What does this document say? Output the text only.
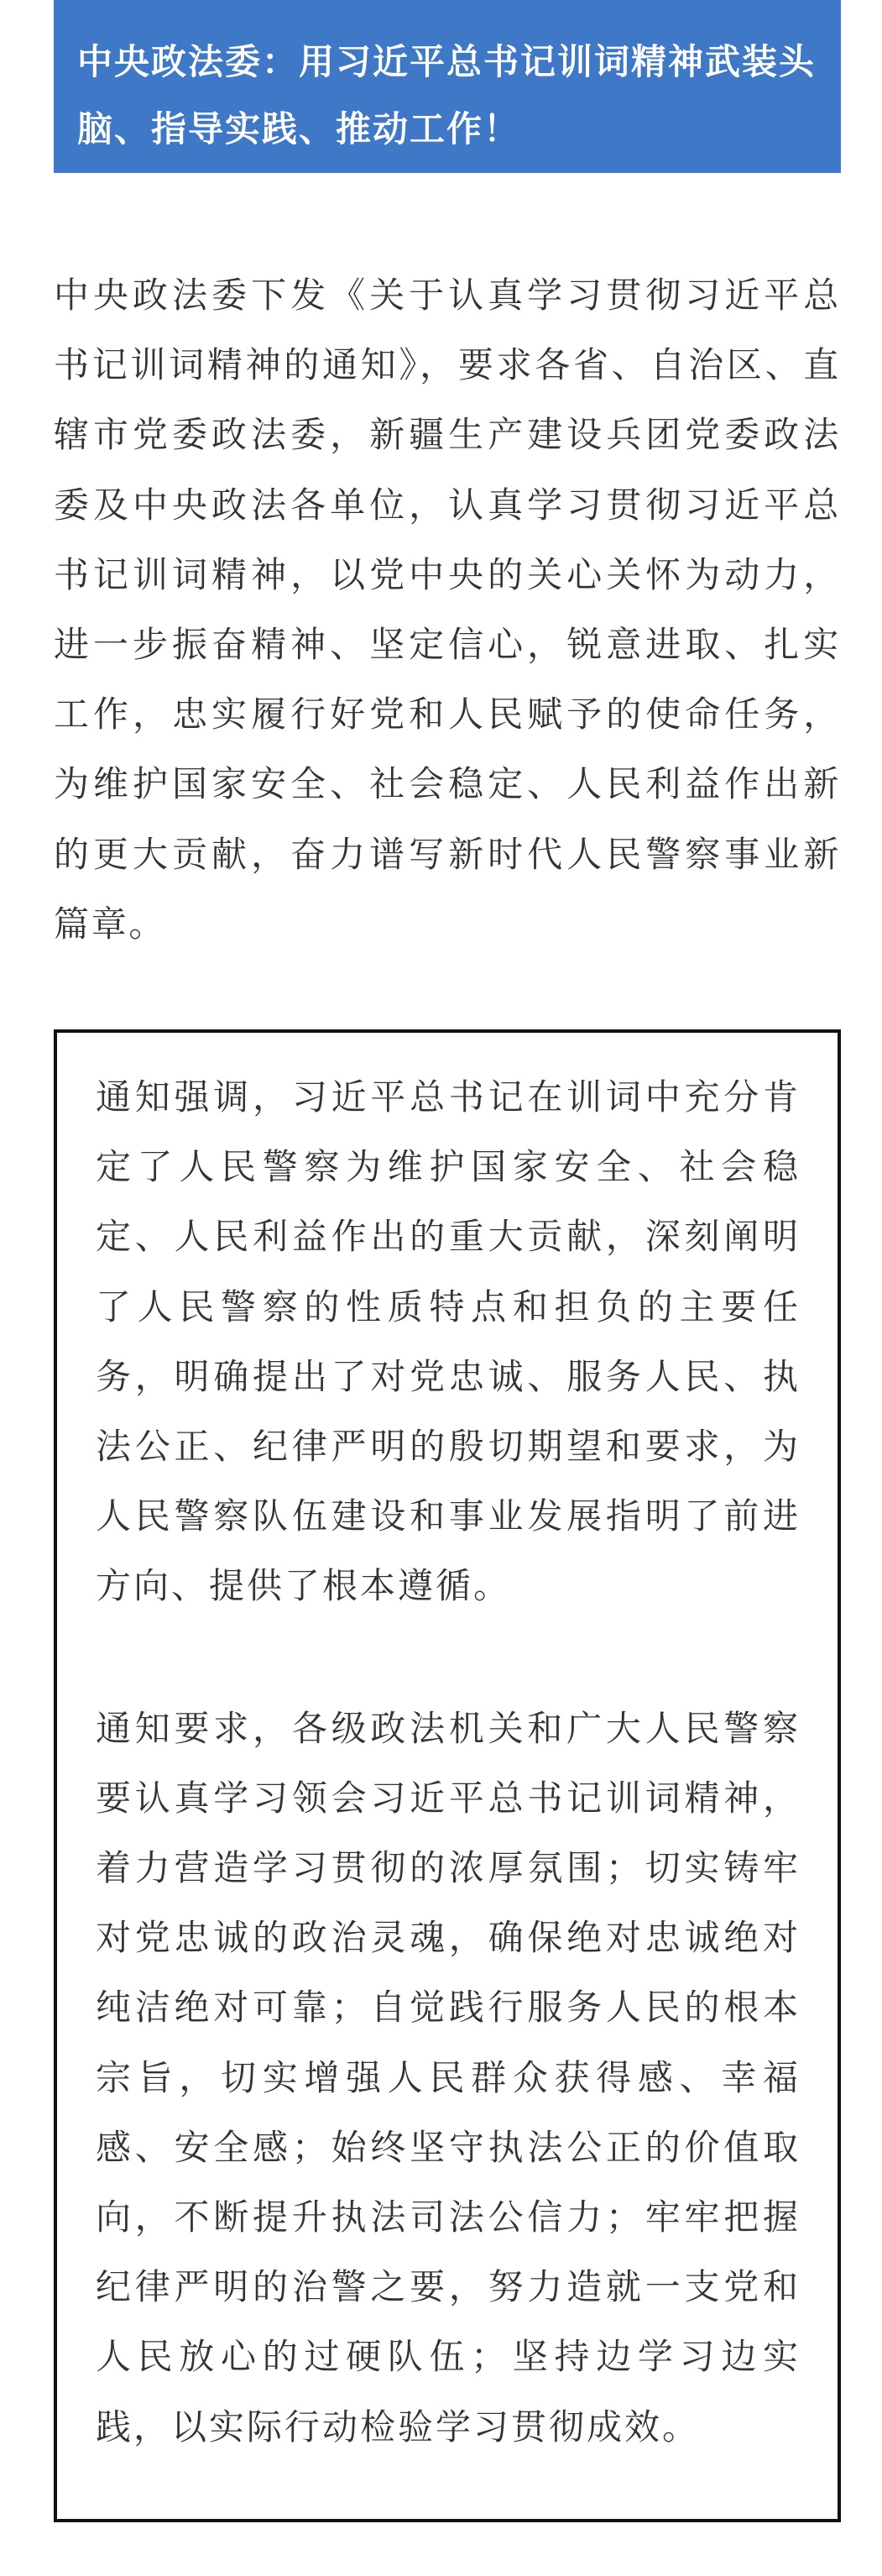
中央政法委：用习近平总书记训词精神武装头脑、指导实践、推动工作！

中央政法委下发《关于认真学习贯彻习近平总书记训词精神的通知》，要求各省、自治区、直辖市党委政法委，新疆生产建设兵团党委政法委及中央政法各单位，认真学习贯彻习近平总书记训词精神，以党中央的关心关怀为动力，进一步振奋精神、坚定信心，锐意进取、扎实工作，忠实履行好党和人民赋予的使命任务，为维护国家安全、社会稳定、人民利益作出新的更大贡献，奋力谱写新时代人民警察事业新篇章。

通知强调，习近平总书记在训词中充分肯定了人民警察为维护国家安全、社会稳定、人民利益作出的重大贡献，深刻阐明了人民警察的性质特点和担负的主要任务，明确提出了对党忠诚、服务人民、执法公正、纪律严明的殷切期望和要求，为人民警察队伍建设和事业发展指明了前进方向、提供了根本遵循。

通知要求，各级政法机关和广大人民警察要认真学习领会习近平总书记训词精神，着力营造学习贯彻的浓厚氛围；切实铸牢对党忠诚的政治灵魂，确保绝对忠诚绝对纯洁绝对可靠；自觉践行服务人民的根本宗旨，切实增强人民群众获得感、幸福感、安全感；始终坚守执法公正的价值取向，不断提升执法司法公信力；牢牢把握纪律严明的治警之要，努力造就一支党和人民放心的过硬队伍；坚持边学习边实践，以实际行动检验学习贯彻成效。
